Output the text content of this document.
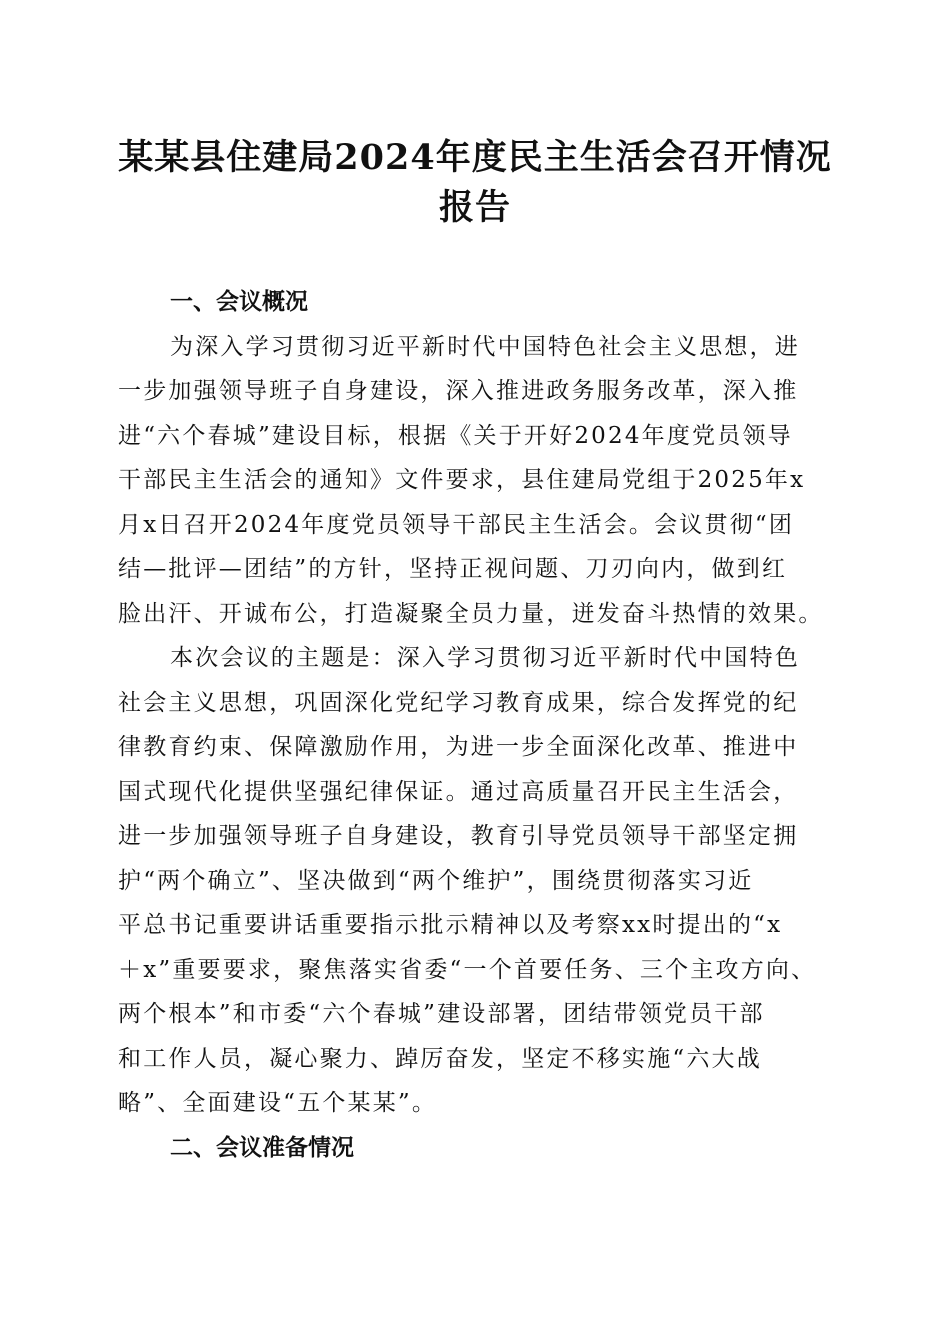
某某县住建局2024年度民主生活会召开情况
报告
一、会议概况

为深入学习贯彻习近平新时代中国特色社会主义思想，进
一步加强领导班子自身建设，深入推进政务服务改革，深入推
进“六个春城”建设目标，根据《关于开好2024年度党员领导
干部民主生活会的通知》文件要求，县住建局党组于2025年x
月x日召开2024年度党员领导干部民主生活会。会议贯彻“团
结—批评—团结”的方针，坚持正视问题、刀刃向内，做到红
脸出汗、开诚布公，打造凝聚全员力量，迸发奋斗热情的效果。

本次会议的主题是：深入学习贯彻习近平新时代中国特色
社会主义思想，巩固深化党纪学习教育成果，综合发挥党的纪
律教育约束、保障激励作用，为进一步全面深化改革、推进中
国式现代化提供坚强纪律保证。通过高质量召开民主生活会，
进一步加强领导班子自身建设，教育引导党员领导干部坚定拥
护“两个确立”、坚决做到“两个维护”，围绕贯彻落实习近
平总书记重要讲话重要指示批示精神以及考察xx时提出的“x
＋x”重要要求，聚焦落实省委“一个首要任务、三个主攻方向、
两个根本”和市委“六个春城”建设部署，团结带领党员干部
和工作人员，凝心聚力、踔厉奋发，坚定不移实施“六大战
略”、全面建设“五个某某”。

二、会议准备情况
